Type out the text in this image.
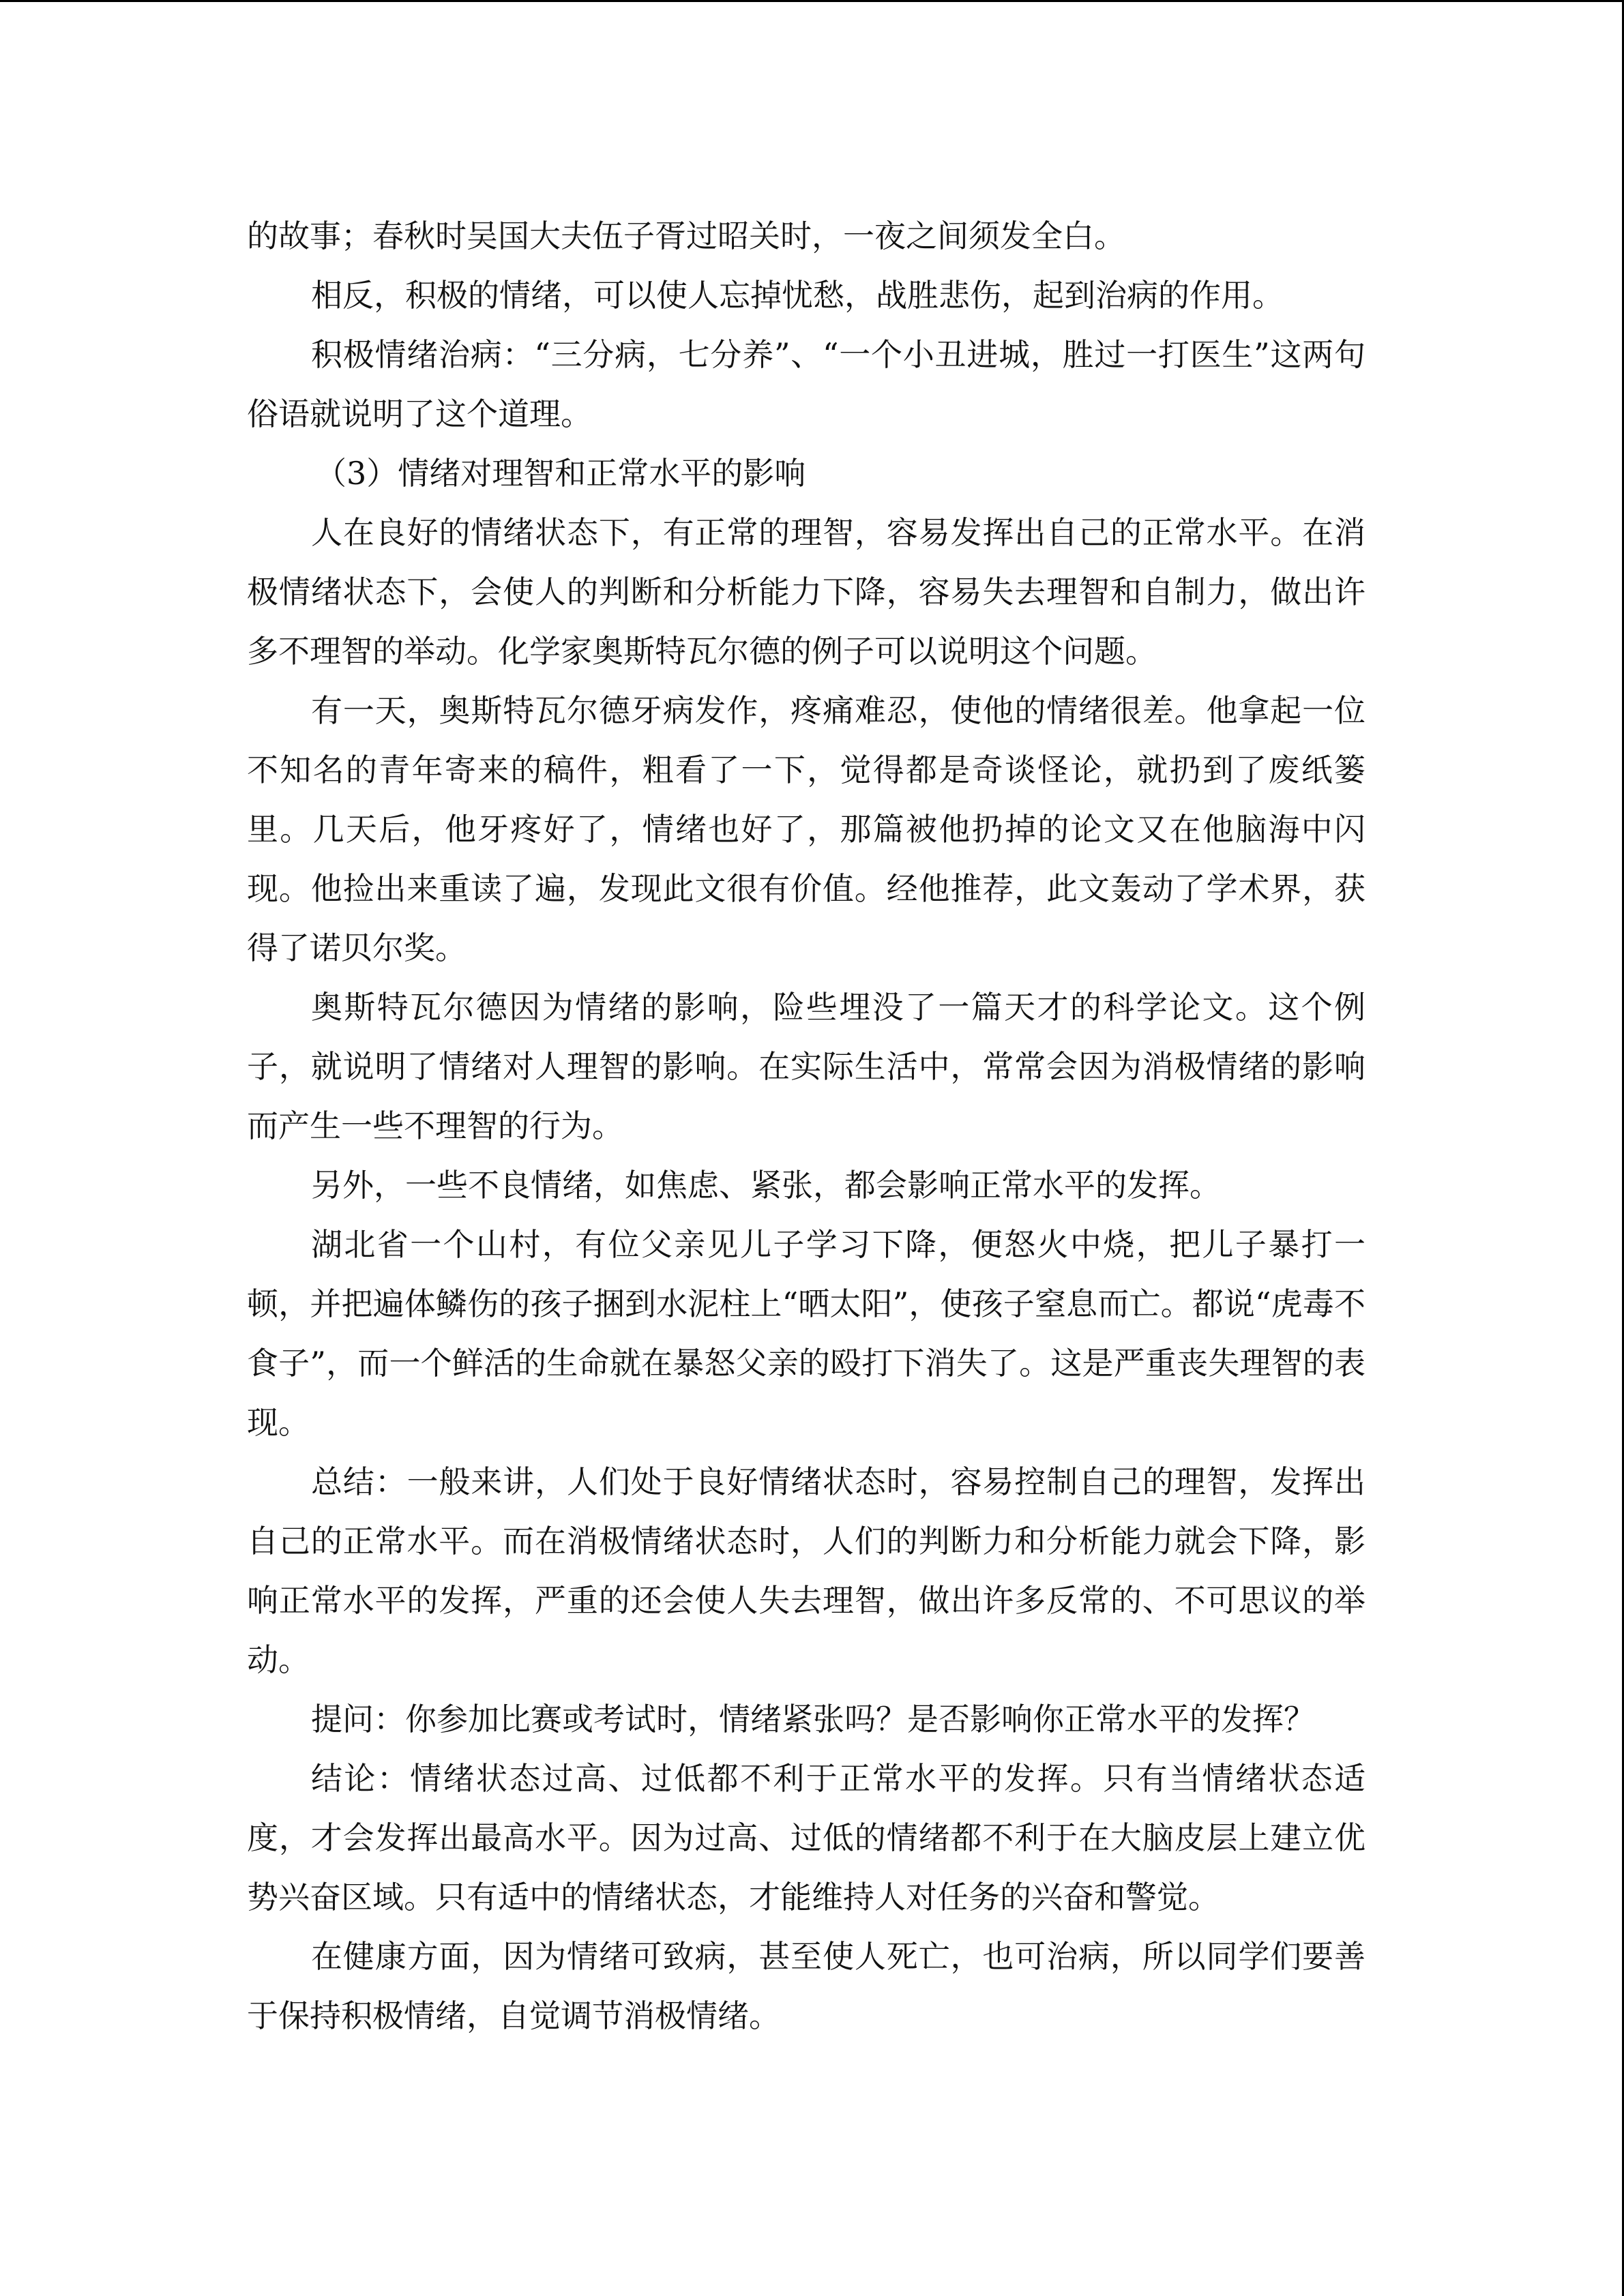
的故事；春秋时吴国大夫伍子胥过昭关时，一夜之间须发全白。

相反，积极的情绪，可以使人忘掉忧愁，战胜悲伤，起到治病的作用。

积极情绪治病：“三分病，七分养”、“一个小丑进城，胜过一打医生”这两句俗语就说明了这个道理。

（3）情绪对理智和正常水平的影响

人在良好的情绪状态下，有正常的理智，容易发挥出自己的正常水平。在消极情绪状态下，会使人的判断和分析能力下降，容易失去理智和自制力，做出许多不理智的举动。化学家奥斯特瓦尔德的例子可以说明这个问题。

有一天，奥斯特瓦尔德牙病发作，疼痛难忍，使他的情绪很差。他拿起一位不知名的青年寄来的稿件，粗看了一下，觉得都是奇谈怪论，就扔到了废纸篓里。几天后，他牙疼好了，情绪也好了，那篇被他扔掉的论文又在他脑海中闪现。他捡出来重读了遍，发现此文很有价值。经他推荐，此文轰动了学术界，获得了诺贝尔奖。

奥斯特瓦尔德因为情绪的影响，险些埋没了一篇天才的科学论文。这个例子，就说明了情绪对人理智的影响。在实际生活中，常常会因为消极情绪的影响而产生一些不理智的行为。

另外，一些不良情绪，如焦虑、紧张，都会影响正常水平的发挥。

湖北省一个山村，有位父亲见儿子学习下降，便怒火中烧，把儿子暴打一顿，并把遍体鳞伤的孩子捆到水泥柱上“晒太阳”，使孩子窒息而亡。都说“虎毒不食子”，而一个鲜活的生命就在暴怒父亲的殴打下消失了。这是严重丧失理智的表现。

总结：一般来讲，人们处于良好情绪状态时，容易控制自己的理智，发挥出自己的正常水平。而在消极情绪状态时，人们的判断力和分析能力就会下降，影响正常水平的发挥，严重的还会使人失去理智，做出许多反常的、不可思议的举动。

提问：你参加比赛或考试时，情绪紧张吗？是否影响你正常水平的发挥？

结论：情绪状态过高、过低都不利于正常水平的发挥。只有当情绪状态适度，才会发挥出最高水平。因为过高、过低的情绪都不利于在大脑皮层上建立优势兴奋区域。只有适中的情绪状态，才能维持人对任务的兴奋和警觉。

在健康方面，因为情绪可致病，甚至使人死亡，也可治病，所以同学们要善于保持积极情绪，自觉调节消极情绪。
